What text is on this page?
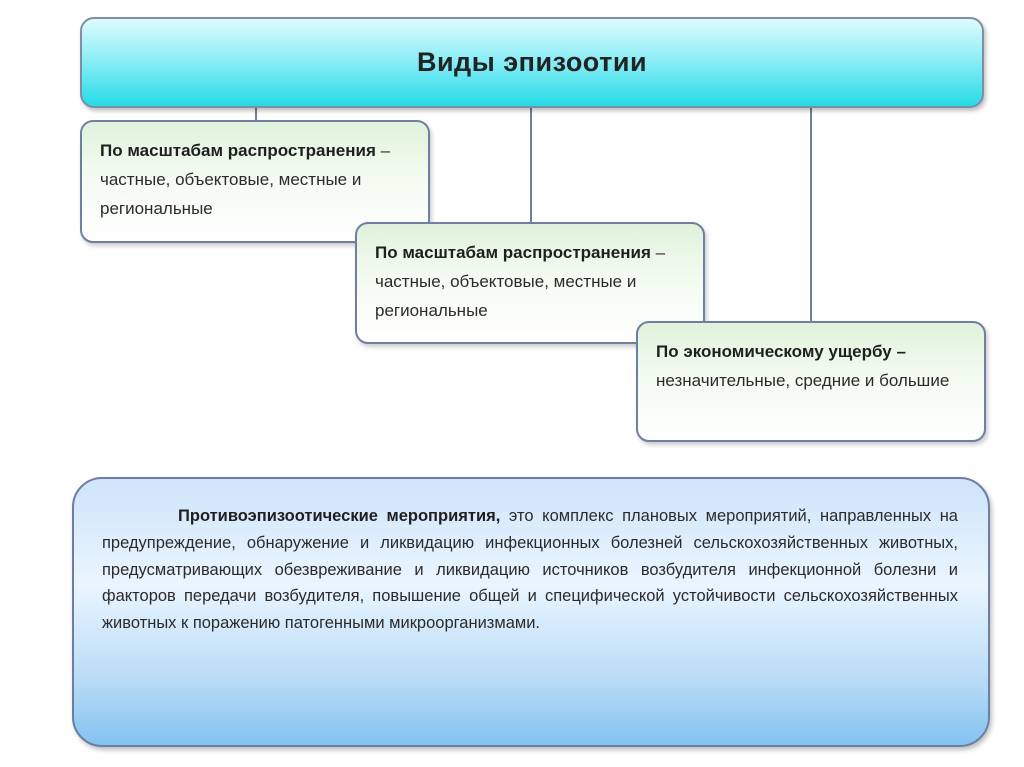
Виды эпизоотии
По масштабам распространения – частные, объектовые, местные и региональные
По масштабам распространения – частные, объектовые, местные и региональные
По экономическому ущербу –
незначительные, средние и большие

Противоэпизоотические мероприятия, это комплекс плановых мероприятий, направленных на предупреждение, обнаружение и ликвидацию инфекционных болезней сельскохозяйственных животных, предусматривающих обезвреживание и ликвидацию источников возбудителя инфекционной болезни и факторов передачи возбудителя, повышение общей и специфической устойчивости сельскохозяйственных животных к поражению патогенными микроорганизмами.
